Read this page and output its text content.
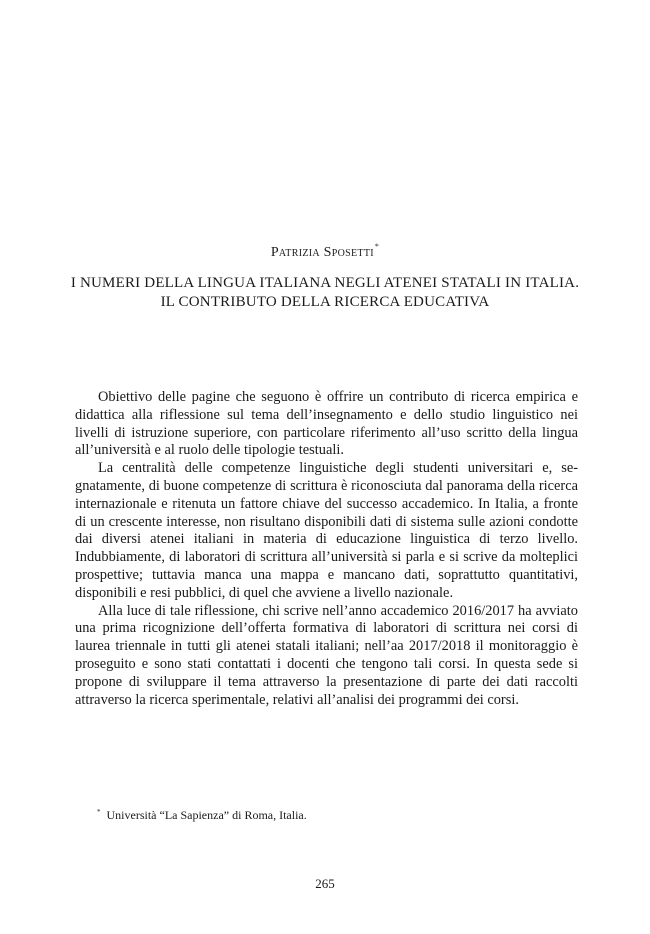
Patrizia Sposetti*
I NUMERI DELLA LINGUA ITALIANA NEGLI ATENEI STATALI IN ITALIA.
IL CONTRIBUTO DELLA RICERCA EDUCATIVA

Obiettivo delle pagine che seguono è offrire un contributo di ricerca empirica e didattica alla riflessione sul tema dell’insegnamento e dello studio linguistico nei livelli di istruzione superiore, con particolare riferimento all’uso scritto della lingua all’università e al ruolo delle tipologie testuali.

La centralità delle competenze linguistiche degli studenti universitari e, segnatamente, di buone competenze di scrittura è riconosciuta dal panorama della ricerca internazionale e ritenuta un fattore chiave del successo accademico. In Italia, a fronte di un crescente interesse, non risultano disponibili dati di sistema sulle azioni condotte dai diversi atenei italiani in materia di educazione linguistica di terzo livello. Indubbiamente, di laboratori di scrittura all’università si parla e si scrive da molteplici prospettive; tuttavia manca una mappa e mancano dati, soprattutto quantitativi, disponibili e resi pubblici, di quel che avviene a livello nazionale.

Alla luce di tale riflessione, chi scrive nell’anno accademico 2016/2017 ha avviato una prima ricognizione dell’offerta formativa di laboratori di scrittura nei corsi di laurea triennale in tutti gli atenei statali italiani; nell’aa 2017/2018 il monitoraggio è proseguito e sono stati contattati i docenti che tengono tali corsi. In questa sede si propone di sviluppare il tema attraverso la presentazione di parte dei dati raccolti attraverso la ricerca sperimentale, relativi all’analisi dei programmi dei corsi.

* Università “La Sapienza” di Roma, Italia.
265
